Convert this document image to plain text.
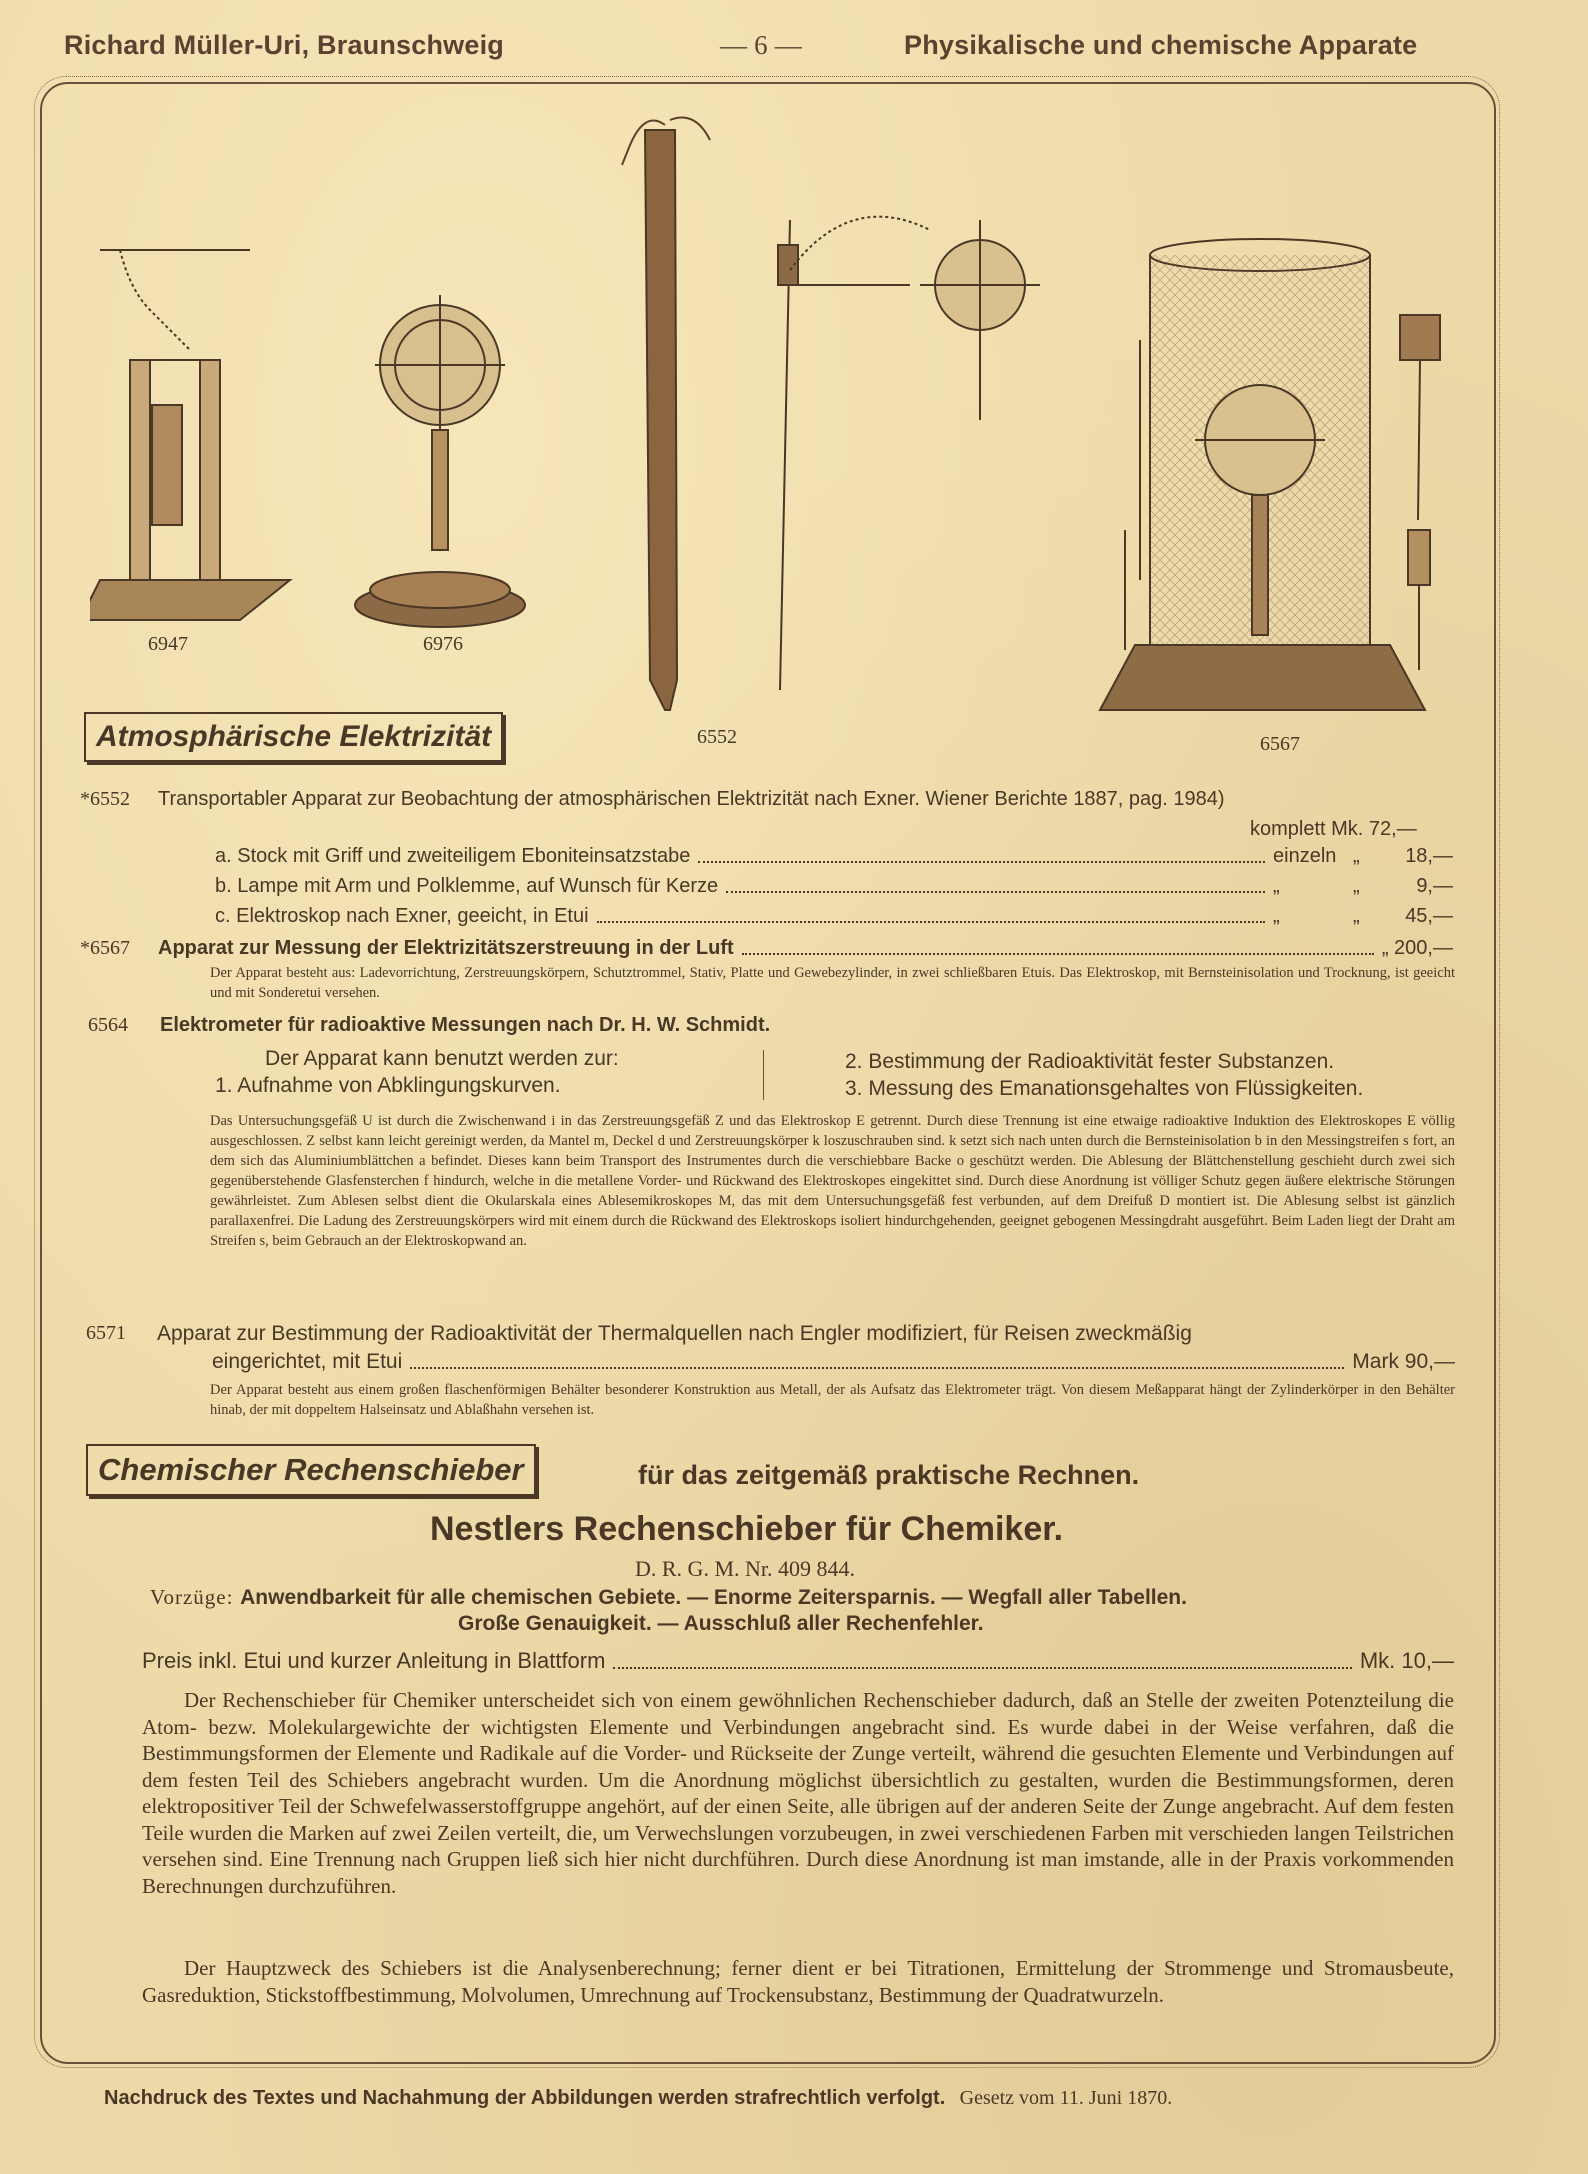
Richard Müller-Uri, Braunschweig	— 6 —	Physikalische und chemische Apparate
6947	6976
6552	6567
Atmosphärische Elektrizität
*6552 Transportabler Apparat zur Beobachtung der atmosphärischen Elektrizität nach Exner. Wiener Berichte 1887, pag. 1984)
komplett Mk. 72,—
a. Stock mit Griff und zweiteiligem Eboniteinsatzstabe	einzeln „	18,—
b. Lampe mit Arm und Polklemme, auf Wunsch für Kerze	„	„	9,—
c. Elektroskop nach Exner, geeicht, in Etui	„	„	45,—
*6567 Apparat zur Messung der Elektrizitätszerstreuung in der Luft	„ 200,—
Der Apparat besteht aus: Ladevorrichtung, Zerstreuungskörpern, Schutztrommel, Stativ, Platte und Gewebezylinder, in zwei schließbaren Etuis. Das Elektroskop, mit Bernsteinisolation und Trocknung, ist geeicht und mit Sonderetui versehen.
6564 Elektrometer für radioaktive Messungen nach Dr. H. W. Schmidt.
Der Apparat kann benutzt werden zur:
1. Aufnahme von Abklingungskurven.
2. Bestimmung der Radioaktivität fester Substanzen.
3. Messung des Emanationsgehaltes von Flüssigkeiten.
Das Untersuchungsgefäß U ist durch die Zwischenwand i in das Zerstreuungsgefäß Z und das Elektroskop E getrennt. Durch diese Trennung ist eine etwaige radioaktive Induktion des Elektroskopes E völlig ausgeschlossen. Z selbst kann leicht gereinigt werden, da Mantel m, Deckel d und Zerstreuungskörper k loszuschrauben sind. k setzt sich nach unten durch die Bernsteinisolation b in den Messingstreifen s fort, an dem sich das Aluminiumblättchen a befindet. Dieses kann beim Transport des Instrumentes durch die verschiebbare Backe o geschützt werden. Die Ablesung der Blättchenstellung geschieht durch zwei sich gegenüberstehende Glasfensterchen f hindurch, welche in die metallene Vorder- und Rückwand des Elektroskopes eingekittet sind. Durch diese Anordnung ist völliger Schutz gegen äußere elektrische Störungen gewährleistet. Zum Ablesen selbst dient die Okularskala eines Ablesemikroskopes M, das mit dem Untersuchungsgefäß fest verbunden, auf dem Dreifuß D montiert ist. Die Ablesung selbst ist gänzlich parallaxenfrei. Die Ladung des Zerstreuungskörpers wird mit einem durch die Rückwand des Elektroskops isoliert hindurchgehenden, geeignet gebogenen Messingdraht ausgeführt. Beim Laden liegt der Draht am Streifen s, beim Gebrauch an der Elektroskopwand an.
6571 Apparat zur Bestimmung der Radioaktivität der Thermalquellen nach Engler modifiziert, für Reisen zweckmäßig
eingerichtet, mit Etui	Mark 90,—
Der Apparat besteht aus einem großen flaschenförmigen Behälter besonderer Konstruktion aus Metall, der als Aufsatz das Elektrometer trägt. Von diesem Meßapparat hängt der Zylinderkörper in den Behälter hinab, der mit doppeltem Halseinsatz und Ablaßhahn versehen ist.
Chemischer Rechenschieber	für das zeitgemäß praktische Rechnen.
Nestlers Rechenschieber für Chemiker.
D. R. G. M. Nr. 409 844.
Vorzüge: Anwendbarkeit für alle chemischen Gebiete. — Enorme Zeitersparnis. — Wegfall aller Tabellen.
Große Genauigkeit. — Ausschluß aller Rechenfehler.
Preis inkl. Etui und kurzer Anleitung in Blattform	Mk. 10,—
Der Rechenschieber für Chemiker unterscheidet sich von einem gewöhnlichen Rechenschieber dadurch, daß an Stelle der zweiten Potenzteilung die Atom- bezw. Molekulargewichte der wichtigsten Elemente und Verbindungen angebracht sind. Es wurde dabei in der Weise verfahren, daß die Bestimmungsformen der Elemente und Radikale auf die Vorder- und Rückseite der Zunge verteilt, während die gesuchten Elemente und Verbindungen auf dem festen Teil des Schiebers angebracht wurden. Um die Anordnung möglichst übersichtlich zu gestalten, wurden die Bestimmungsformen, deren elektropositiver Teil der Schwefelwasserstoffgruppe angehört, auf der einen Seite, alle übrigen auf der anderen Seite der Zunge angebracht. Auf dem festen Teile wurden die Marken auf zwei Zeilen verteilt, die, um Verwechslungen vorzubeugen, in zwei verschiedenen Farben mit verschieden langen Teilstrichen versehen sind. Eine Trennung nach Gruppen ließ sich hier nicht durchführen. Durch diese Anordnung ist man imstande, alle in der Praxis vorkommenden Berechnungen durchzuführen.
Der Hauptzweck des Schiebers ist die Analysenberechnung; ferner dient er bei Titrationen, Ermittelung der Strommenge und Stromausbeute, Gasreduktion, Stickstoffbestimmung, Molvolumen, Umrechnung auf Trockensubstanz, Bestimmung der Quadratwurzeln.
Nachdruck des Textes und Nachahmung der Abbildungen werden strafrechtlich verfolgt. Gesetz vom 11. Juni 1870.
